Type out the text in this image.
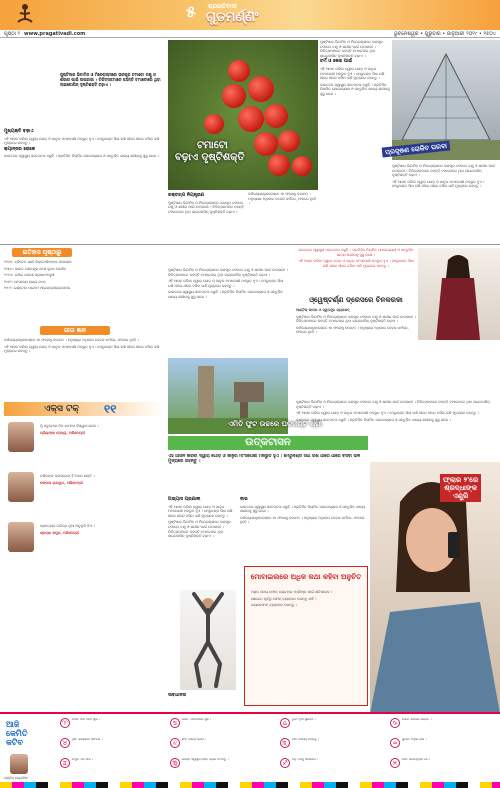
୫ ପ୍ରଗତିବାଦୀ
ଗୁଡମର୍ଣ୍ଣିଂ
ପୃଷ୍ଠା ୨ www.pragativadi.com	ଭୁବନେଶ୍ୱର • ଗୁରୁବାର • ଜାନୁଆରୀ ୨୦୧୯ • ୧୫୦୪
ପୁଷ୍ଟିସାର ଭିଟାମିନ ଓ ମିନେରାଲ୍ସରେ ଭରପୂର ଟମାଟୋ ଚକ୍ଷୁ ଓ ଶରୀର ପାଇଁ ଉପକାରୀ । ଚିକିତ୍ସକମାନେ କହନ୍ତି ଟମାଟୋରେ ଥିବା ଲାଇକୋପିନ୍ ଦୃଷ୍ଟିଶକ୍ତି ବଢ଼ାଏ ।
ମୁଖ୍ୟକ୍ତି ବଢ଼ାଏ

ଏହି ଆସନ କରିବା ଦ୍ୱାରା ଗୋଡ଼ ଓ ଜାନୁର ମାଂସପେଶୀ ମଜଭୁତ ହୁଏ । ମେରୁଦଣ୍ଡ ସିଧା ରଖି ଧୀରେ ଧୀରେ ବସିବା ଭଳି ମୁଦ୍ରାରେ ରହନ୍ତୁ ।

କ୍ୟାନ୍ସର ରୋକେ

ଭାରତରେ ସ୍ୱାସ୍ଥ୍ୟ ସଚେତନତା ବଢୁଛି । ପ୍ରତିଦିନ ନିୟମିତ ଯୋଗାଭ୍ୟାସ ଓ ସନ୍ତୁଳିତ ଖାଦ୍ୟ ଶରୀରକୁ ସୁସ୍ଥ ରଖେ ।

ଟମାଟୋ
ବଢ଼ାଏ ଦୃଷ୍ଟିଶକ୍ତି
ରକ୍ତଚାପ ନିୟନ୍ତ୍ରଣ

ପୁଷ୍ଟିସାର ଭିଟାମିନ ଓ ମିନେରାଲ୍ସରେ ଭରପୂର ଟମାଟୋ ଚକ୍ଷୁ ଓ ଶରୀର ପାଇଁ ଉପକାରୀ । ଚିକିତ୍ସକମାନେ କହନ୍ତି ଟମାଟୋରେ ଥିବା ଲାଇକୋପିନ୍ ଦୃଷ୍ଟିଶକ୍ତି ବଢ଼ାଏ ।

କର୍ମଣ୍ୟେବାଧିକାରସ୍ତେ ମା ଫଳେଷୁ କଦାଚନ । ମନୁଷ୍ୟର ଅଧିକାର କେବଳ କର୍ମରେ, ଫଳରେ ନୁହେଁ ।

ପୁଷ୍ଟିସାର ଭିଟାମିନ ଓ ମିନେରାଲ୍ସରେ ଭରପୂର ଟମାଟୋ ଚକ୍ଷୁ ଓ ଶରୀର ପାଇଁ ଉପକାରୀ । ଚିକିତ୍ସକମାନେ କହନ୍ତି ଟମାଟୋରେ ଥିବା ଲାଇକୋପିନ୍ ଦୃଷ୍ଟିଶକ୍ତି ବଢ଼ାଏ ।

ଚର୍ମ ଓ କେଶ ପାଇଁ

ଏହି ଆସନ କରିବା ଦ୍ୱାରା ଗୋଡ଼ ଓ ଜାନୁର ମାଂସପେଶୀ ମଜଭୁତ ହୁଏ । ମେରୁଦଣ୍ଡ ସିଧା ରଖି ଧୀରେ ଧୀରେ ବସିବା ଭଳି ମୁଦ୍ରାରେ ରହନ୍ତୁ ।

ଭାରତରେ ସ୍ୱାସ୍ଥ୍ୟ ସଚେତନତା ବଢୁଛି । ପ୍ରତିଦିନ ନିୟମିତ ଯୋଗାଭ୍ୟାସ ଓ ସନ୍ତୁଳିତ ଖାଦ୍ୟ ଶରୀରକୁ ସୁସ୍ଥ ରଖେ ।

ପ୍ରଦୂଷଣ ରୋକିବ ଘରବା

ପୁଷ୍ଟିସାର ଭିଟାମିନ ଓ ମିନେରାଲ୍ସରେ ଭରପୂର ଟମାଟୋ ଚକ୍ଷୁ ଓ ଶରୀର ପାଇଁ ଉପକାରୀ । ଚିକିତ୍ସକମାନେ କହନ୍ତି ଟମାଟୋରେ ଥିବା ଲାଇକୋପିନ୍ ଦୃଷ୍ଟିଶକ୍ତି ବଢ଼ାଏ ।

ଏହି ଆସନ କରିବା ଦ୍ୱାରା ଗୋଡ଼ ଓ ଜାନୁର ମାଂସପେଶୀ ମଜଭୁତ ହୁଏ । ମେରୁଦଣ୍ଡ ସିଧା ରଖି ଧୀରେ ଧୀରେ ବସିବା ଭଳି ମୁଦ୍ରାରେ ରହନ୍ତୁ ।

ଇତିହାସ ପୃଷ୍ଠାରୁ

୧୯୦୧: ବ୍ରିଟେନ ରାଣୀ ଭିକ୍ଟୋରିଆଙ୍କ ପରଲୋକ

୧୯୫୦: ଭାରତ ଗଣତନ୍ତ୍ର ଦେଶ ରୂପେ ଘୋଷିତ

୧୯୬୬: ଇନ୍ଦିରା ଗାନ୍ଧୀ ପ୍ରଧାନମନ୍ତ୍ରୀ

୧୯୭୨: ମେଘାଳୟ ରାଜ୍ୟ ଗଠନ

୧୯୮୧: ଇଣ୍ଟେଲ ପ୍ରଥମ ମାଇକ୍ରୋପ୍ରୋସେସର

ଗୀତା ଜ୍ଞାନ

କର୍ମଣ୍ୟେବାଧିକାରସ୍ତେ ମା ଫଳେଷୁ କଦାଚନ । ମନୁଷ୍ୟର ଅଧିକାର କେବଳ କର୍ମରେ, ଫଳରେ ନୁହେଁ ।

ଏହି ଆସନ କରିବା ଦ୍ୱାରା ଗୋଡ଼ ଓ ଜାନୁର ମାଂସପେଶୀ ମଜଭୁତ ହୁଏ । ମେରୁଦଣ୍ଡ ସିଧା ରଖି ଧୀରେ ଧୀରେ ବସିବା ଭଳି ମୁଦ୍ରାରେ ରହନ୍ତୁ ।

ଏକ୍ସ ଟକ୍ ୧୧

ମୁଁ ସବୁବେଳେ ନିଜ କାମରେ ବିଶ୍ୱାସ ରଖେ ।

ପ୍ରିୟଙ୍କା ଚୋପ୍ରା, ଅଭିନେତ୍ରୀ

ଦର୍ଶକଙ୍କ ଭଲପାଇବା ହିଁ ମୋର ଶକ୍ତି ।

କଙ୍ଗନା ରାଣାୱତ, ଅଭିନେତ୍ରୀ

ପ୍ରତ୍ୟେକ ଚରିତ୍ର ନୂଆ ଅନୁଭୂତି ଦିଏ ।

ଶ୍ରଦ୍ଧା କପୁର, ଅଭିନେତ୍ରୀ

ଭାରତରେ ସ୍ୱାସ୍ଥ୍ୟ ସଚେତନତା ବଢୁଛି । ପ୍ରତିଦିନ ନିୟମିତ ଯୋଗାଭ୍ୟାସ ଓ ସନ୍ତୁଳିତ ଖାଦ୍ୟ ଶରୀରକୁ ସୁସ୍ଥ ରଖେ ।

ଏହି ଆସନ କରିବା ଦ୍ୱାରା ଗୋଡ଼ ଓ ଜାନୁର ମାଂସପେଶୀ ମଜଭୁତ ହୁଏ । ମେରୁଦଣ୍ଡ ସିଧା ରଖି ଧୀରେ ଧୀରେ ବସିବା ଭଳି ମୁଦ୍ରାରେ ରହନ୍ତୁ ।

ପୁଷ୍ଟିସାର ଭିଟାମିନ ଓ ମିନେରାଲ୍ସରେ ଭରପୂର ଟମାଟୋ ଚକ୍ଷୁ ଓ ଶରୀର ପାଇଁ ଉପକାରୀ । ଚିକିତ୍ସକମାନେ କହନ୍ତି ଟମାଟୋରେ ଥିବା ଲାଇକୋପିନ୍ ଦୃଷ୍ଟିଶକ୍ତି ବଢ଼ାଏ ।

ଏହି ଆସନ କରିବା ଦ୍ୱାରା ଗୋଡ଼ ଓ ଜାନୁର ମାଂସପେଶୀ ମଜଭୁତ ହୁଏ । ମେରୁଦଣ୍ଡ ସିଧା ରଖି ଧୀରେ ଧୀରେ ବସିବା ଭଳି ମୁଦ୍ରାରେ ରହନ୍ତୁ ।

ଭାରତରେ ସ୍ୱାସ୍ଥ୍ୟ ସଚେତନତା ବଢୁଛି । ପ୍ରତିଦିନ ନିୟମିତ ଯୋଗାଭ୍ୟାସ ଓ ସନ୍ତୁଳିତ ଖାଦ୍ୟ ଶରୀରକୁ ସୁସ୍ଥ ରଖେ ।	ଓ୍ୱେଷ୍ଟର୍ଣ୍ଣ ଡ୍ରେସରେ ଚିନକରକା

ଆଣ୍ଟିକ୍ କାପର ଓ ସ୍ୱତନ୍ତ୍ର ଜ୍ୟାକେଟ୍

ପୁଷ୍ଟିସାର ଭିଟାମିନ ଓ ମିନେରାଲ୍ସରେ ଭରପୂର ଟମାଟୋ ଚକ୍ଷୁ ଓ ଶରୀର ପାଇଁ ଉପକାରୀ । ଚିକିତ୍ସକମାନେ କହନ୍ତି ଟମାଟୋରେ ଥିବା ଲାଇକୋପିନ୍ ଦୃଷ୍ଟିଶକ୍ତି ବଢ଼ାଏ ।

କର୍ମଣ୍ୟେବାଧିକାରସ୍ତେ ମା ଫଳେଷୁ କଦାଚନ । ମନୁଷ୍ୟର ଅଧିକାର କେବଳ କର୍ମରେ, ଫଳରେ ନୁହେଁ ।

ଏମିତି ଫୁଟ ଉଚ୍ଚରେ ଘରକଣ୍ଟ ଶ୍ରୀ
ଉତ୍କଟାସନ

ଏହି ଆସନ କରିବା ଦ୍ୱାରା ଗୋଡ଼ ଓ ଜାନୁର ମାଂସପେଶୀ ମଜଭୁତ ହୁଏ । ମେରୁଦଣ୍ଡ ସିଧା ରଖି ଧୀରେ ଧୀରେ ବସିବା ଭଳି ମୁଦ୍ରାରେ ରହନ୍ତୁ ।

ଅଭ୍ୟାସ ପ୍ରଣାଳୀ

ଏହି ଆସନ କରିବା ଦ୍ୱାରା ଗୋଡ଼ ଓ ଜାନୁର ମାଂସପେଶୀ ମଜଭୁତ ହୁଏ । ମେରୁଦଣ୍ଡ ସିଧା ରଖି ଧୀରେ ଧୀରେ ବସିବା ଭଳି ମୁଦ୍ରାରେ ରହନ୍ତୁ ।

ପୁଷ୍ଟିସାର ଭିଟାମିନ ଓ ମିନେରାଲ୍ସରେ ଭରପୂର ଟମାଟୋ ଚକ୍ଷୁ ଓ ଶରୀର ପାଇଁ ଉପକାରୀ । ଚିକିତ୍ସକମାନେ କହନ୍ତି ଟମାଟୋରେ ଥିବା ଲାଇକୋପିନ୍ ଦୃଷ୍ଟିଶକ୍ତି ବଢ଼ାଏ ।

ଲାଭ

ଭାରତରେ ସ୍ୱାସ୍ଥ୍ୟ ସଚେତନତା ବଢୁଛି । ପ୍ରତିଦିନ ନିୟମିତ ଯୋଗାଭ୍ୟାସ ଓ ସନ୍ତୁଳିତ ଖାଦ୍ୟ ଶରୀରକୁ ସୁସ୍ଥ ରଖେ ।

କର୍ମଣ୍ୟେବାଧିକାରସ୍ତେ ମା ଫଳେଷୁ କଦାଚନ । ମନୁଷ୍ୟର ଅଧିକାର କେବଳ କର୍ମରେ, ଫଳରେ ନୁହେଁ ।

ସାବଧାନତା
ମୋବାଇଲରେ ଅଧିକ କଥା କହିବା ଅନୁଚିତ

ଅଧିକ ସମୟ ଫୋନ୍ ବ୍ୟବହାର ମସ୍ତିଷ୍କ ପାଇଁ କ୍ଷତିକାରକ ।

ଶୋଇବା ପୂର୍ବରୁ ଫୋନ୍ ବ୍ୟବହାର କରନ୍ତୁ ନାହିଁ ।

ଇୟରଫୋନ୍ ବ୍ୟବହାର କରନ୍ତୁ ।

ପୁଷ୍ଟିସାର ଭିଟାମିନ ଓ ମିନେରାଲ୍ସରେ ଭରପୂର ଟମାଟୋ ଚକ୍ଷୁ ଓ ଶରୀର ପାଇଁ ଉପକାରୀ । ଚିକିତ୍ସକମାନେ କହନ୍ତି ଟମାଟୋରେ ଥିବା ଲାଇକୋପିନ୍ ଦୃଷ୍ଟିଶକ୍ତି ବଢ଼ାଏ ।

ଏହି ଆସନ କରିବା ଦ୍ୱାରା ଗୋଡ଼ ଓ ଜାନୁର ମାଂସପେଶୀ ମଜଭୁତ ହୁଏ । ମେରୁଦଣ୍ଡ ସିଧା ରଖି ଧୀରେ ଧୀରେ ବସିବା ଭଳି ମୁଦ୍ରାରେ ରହନ୍ତୁ ।

ଭାରତରେ ସ୍ୱାସ୍ଥ୍ୟ ସଚେତନତା ବଢୁଛି । ପ୍ରତିଦିନ ନିୟମିତ ଯୋଗାଭ୍ୟାସ ଓ ସନ୍ତୁଳିତ ଖାଦ୍ୟ ଶରୀରକୁ ସୁସ୍ଥ ରଖେ ।

ଫ୍ଲାର ୨'ରେ
ଶ୍ରଦ୍ଧାଙ୍କ
ଏଣ୍ଟ୍ରି
ଆଜି
କେମିତି
କଟିବ
ପଣ୍ଡିତ ଜ୍ୟୋତିଷ
♈
ମେଷ: ଆଜି ଦିନଟି ଶୁଭ ।
♉
ବୃଷ: କାର୍ଯ୍ୟରେ ସଫଳତା ।
♊
ମିଥୁନ: ଧନ ଲାଭ ।
♋
କର୍କଟ: ପରିବାରରେ ସୁଖ ।
♌
ସିଂହ: ଯାତ୍ରା ଯୋଗ ।
♍
କନ୍ୟା: ସ୍ୱାସ୍ଥ୍ୟ ପ୍ରତି ଧ୍ୟାନ ଦିଅନ୍ତୁ ।
♎
ତୁଳା: ନୂଆ ସୁଯୋଗ ।
♏
ବିଛା: ଧୈର୍ଯ୍ୟ ରଖନ୍ତୁ ।
♐
ଧନୁ: ବନ୍ଧୁ ସହଯୋଗ ।
♑
ମକର: କାମରେ ଉନ୍ନତି ।
♒
କୁମ୍ଭ: ଆର୍ଥିକ ଲାଭ ।
♓
ମୀନ: ଶାନ୍ତିପୂର୍ଣ୍ଣ ଦିନ ।
